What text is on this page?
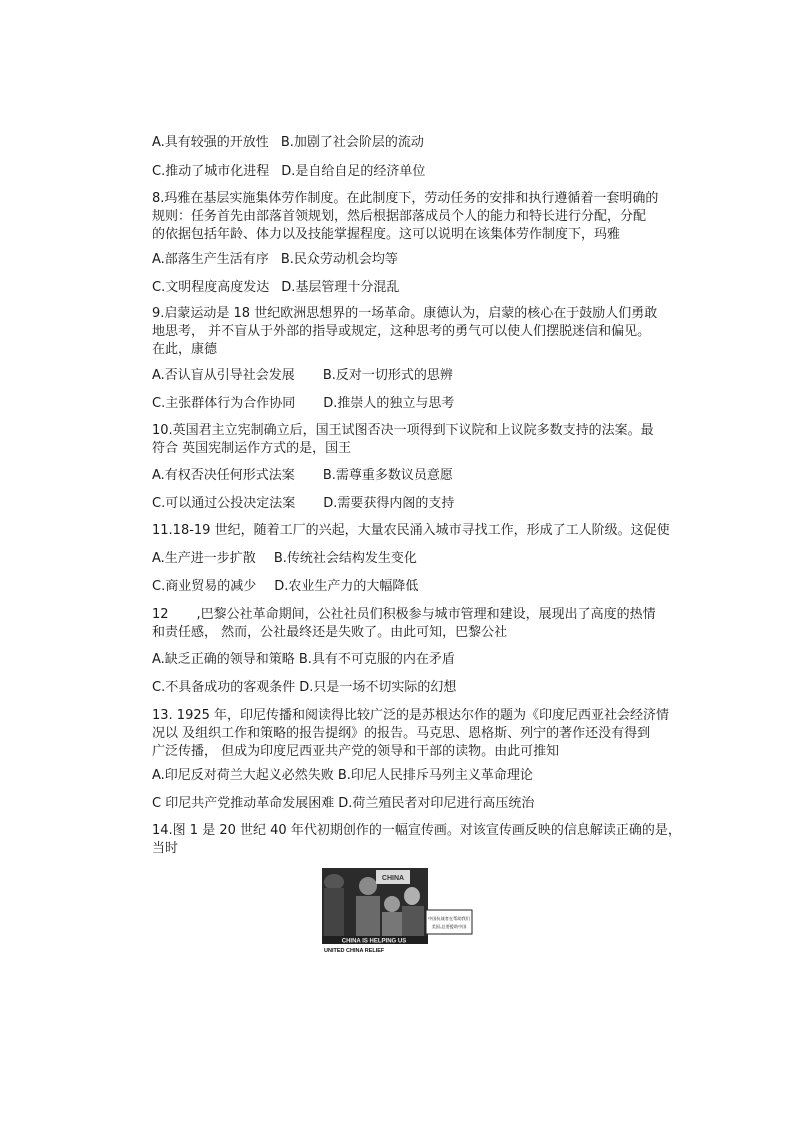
A.具有较强的开放性 B.加剧了社会阶层的流动
C.推动了城市化进程 D.是自给自足的经济单位
8.玛雅在基层实施集体劳作制度。在此制度下，劳动任务的安排和执行遵循着一套明确的
规则：任务首先由部落首领规划，然后根据部落成员个人的能力和特长进行分配，分配
的依据包括年龄、体力以及技能掌握程度。这可以说明在该集体劳作制度下，玛雅
A.部落生产生活有序 B.民众劳动机会均等
C.文明程度高度发达 D.基层管理十分混乱
9.启蒙运动是 18 世纪欧洲思想界的一场革命。康德认为，启蒙的核心在于鼓励人们勇敢
地思考， 并不盲从于外部的指导或规定，这种思考的勇气可以使人们摆脱迷信和偏见。
在此，康德
A.否认盲从引导社会发展 B.反对一切形式的思辨
C.主张群体行为合作协同 D.推崇人的独立与思考
10.英国君主立宪制确立后，国王试图否决一项得到下议院和上议院多数支持的法案。最
符合 英国宪制运作方式的是，国王
A.有权否决任何形式法案 B.需尊重多数议员意愿
C.可以通过公投决定法案 D.需要获得内阁的支持
11.18-19 世纪，随着工厂的兴起，大量农民涌入城市寻找工作，形成了工人阶级。这促使
A.生产进一步扩散 B.传统社会结构发生变化
C.商业贸易的减少 D.农业生产力的大幅降低
12 ,巴黎公社革命期间，公社社员们积极参与城市管理和建设，展现出了高度的热情
和责任感， 然而，公社最终还是失败了。由此可知，巴黎公社
A.缺乏正确的领导和策略 B.具有不可克服的内在矛盾
C.不具备成功的客观条件 D.只是一场不切实际的幻想
13. 1925 年，印尼传播和阅读得比较广泛的是苏根达尔作的题为《印度尼西亚社会经济情
况以 及组织工作和策略的报告提纲》的报告。马克思、恩格斯、列宁的著作还没有得到
广泛传播， 但成为印度尼西亚共产党的领导和干部的读物。由此可推知
A.印尼反对荷兰大起义必然失败 B.印尼人民排斥马列主义革命理论
C 印尼共产党推动革命发展困难 D.荷兰殖民者对印尼进行高压统治
14.图 1 是 20 世纪 40 年代初期创作的一幅宣传画。对该宣传画反映的信息解读正确的是，
当时
CHINA
中国抗战者在帮助我们
美国,总要援助中国
CHINA IS HELPING US
UNITED CHINA RELIEF
